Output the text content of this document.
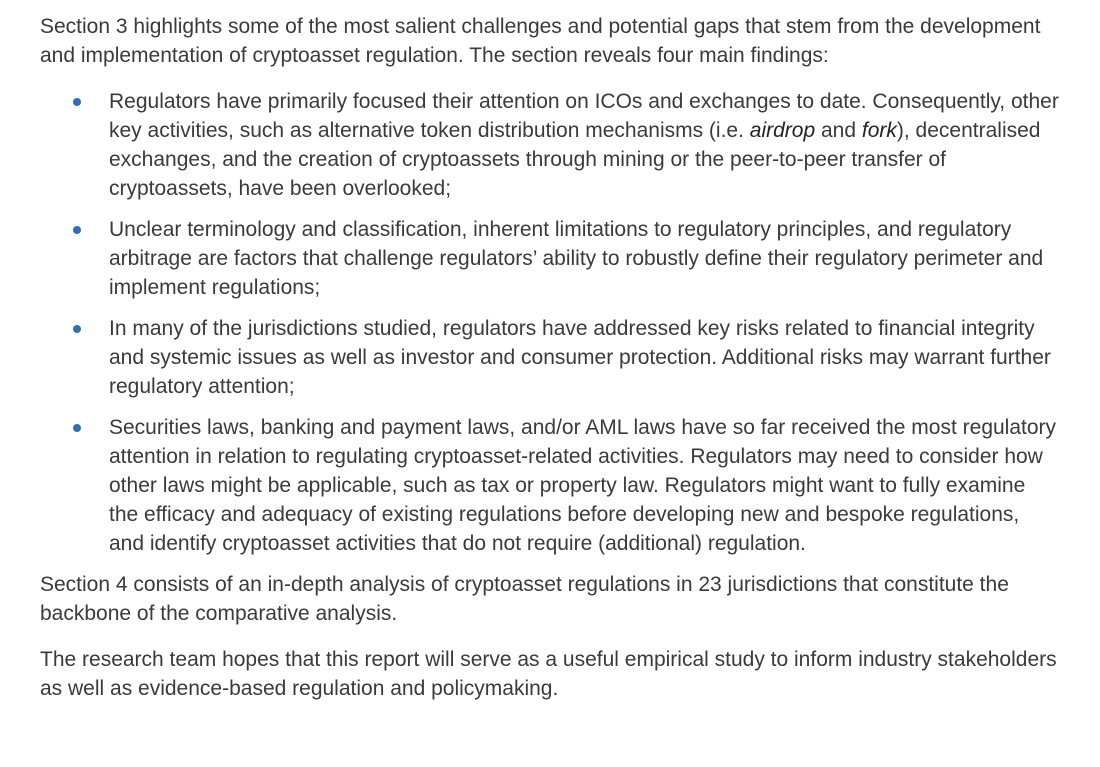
Section 3 highlights some of the most salient challenges and potential gaps that stem from the development and implementation of cryptoasset regulation. The section reveals four main findings:

Regulators have primarily focused their attention on ICOs and exchanges to date. Consequently, other key activities, such as alternative token distribution mechanisms (i.e. airdrop and fork), decentralised exchanges, and the creation of cryptoassets through mining or the peer-to-peer transfer of cryptoassets, have been overlooked;
Unclear terminology and classification, inherent limitations to regulatory principles, and regulatory arbitrage are factors that challenge regulators’ ability to robustly define their regulatory perimeter and implement regulations;
In many of the jurisdictions studied, regulators have addressed key risks related to financial integrity and systemic issues as well as investor and consumer protection. Additional risks may warrant further regulatory attention;
Securities laws, banking and payment laws, and/or AML laws have so far received the most regulatory attention in relation to regulating cryptoasset-related activities. Regulators may need to consider how other laws might be applicable, such as tax or property law. Regulators might want to fully examine the efficacy and adequacy of existing regulations before developing new and bespoke regulations, and identify cryptoasset activities that do not require (additional) regulation.

Section 4 consists of an in-depth analysis of cryptoasset regulations in 23 jurisdictions that constitute the backbone of the comparative analysis.

The research team hopes that this report will serve as a useful empirical study to inform industry stakeholders as well as evidence-based regulation and policymaking.
